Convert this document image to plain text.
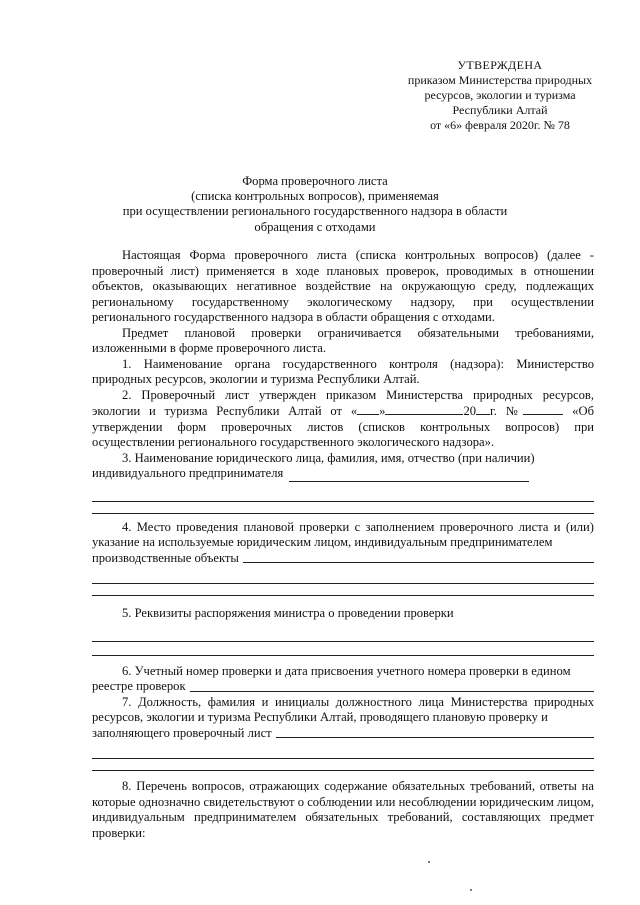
УТВЕРЖДЕНА
приказом Министерства природных
ресурсов, экологии и туризма
Республики Алтай
от «6» февраля 2020г. № 78
Форма проверочного листа
(списка контрольных вопросов), применяемая
при осуществлении регионального государственного надзора в области
обращения с отходами

Настоящая Форма проверочного листа (списка контрольных вопросов) (далее - проверочный лист) применяется в ходе плановых проверок, проводимых в отношении объектов, оказывающих негативное воздействие на окружающую среду, подлежащих региональному государственному экологическому надзору, при осуществлении регионального государственного надзора в области обращения с отходами.

Предмет плановой проверки ограничивается обязательными требованиями, изложенными в форме проверочного листа.

1. Наименование органа государственного контроля (надзора): Министерство природных ресурсов, экологии и туризма Республики Алтай.

2. Проверочный лист утвержден приказом Министерства природных ресурсов, экологии и туризма Республики Алтай от « »	20 г. №	«Об утверждении форм проверочных листов (списков контрольных вопросов) при осуществлении регионального государственного экологического надзора».

3. Наименование юридического лица, фамилия, имя, отчество (при наличии)

индивидуального предпринимателя

4. Место проведения плановой проверки с заполнением проверочного листа и (или) указание на используемые юридическим лицом, индивидуальным предпринимателем

производственные объекты

5. Реквизиты распоряжения министра о проведении проверки

6. Учетный номер проверки и дата присвоения учетного номера проверки в едином

реестре проверок

7. Должность, фамилия и инициалы должностного лица Министерства природных ресурсов, экологии и туризма Республики Алтай, проводящего плановую проверку и

заполняющего проверочный лист

8. Перечень вопросов, отражающих содержание обязательных требований, ответы на которые однозначно свидетельствуют о соблюдении или несоблюдении юридическим лицом, индивидуальным предпринимателем обязательных требований, составляющих предмет проверки:
